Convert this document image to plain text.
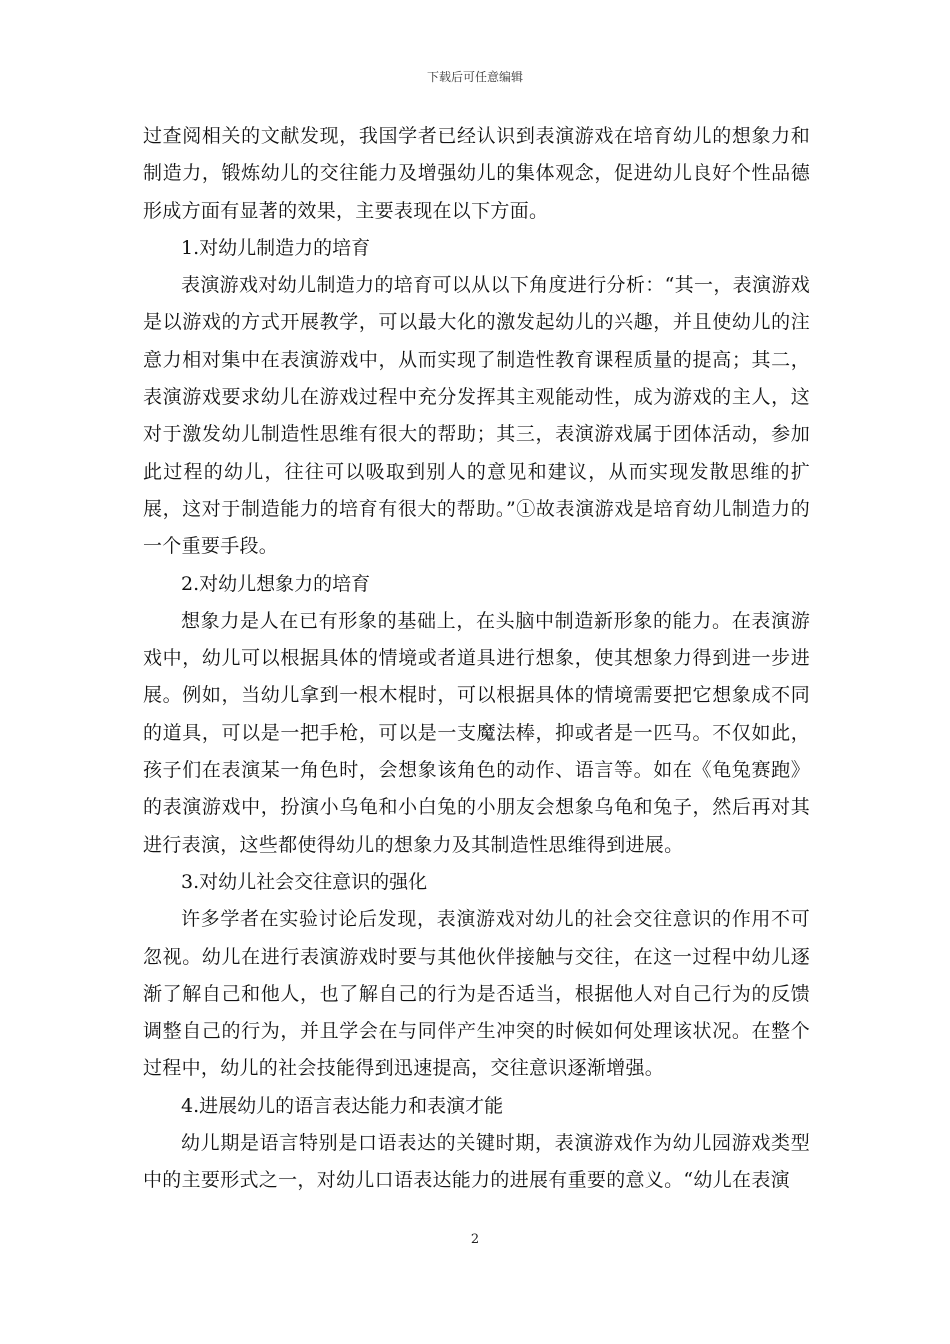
下载后可任意编辑

过查阅相关的文献发现，我国学者已经认识到表演游戏在培育幼儿的想象力和制造力，锻炼幼儿的交往能力及增强幼儿的集体观念，促进幼儿良好个性品德形成方面有显著的效果，主要表现在以下方面。

1.对幼儿制造力的培育

表演游戏对幼儿制造力的培育可以从以下角度进行分析：“其一，表演游戏是以游戏的方式开展教学，可以最大化的激发起幼儿的兴趣，并且使幼儿的注意力相对集中在表演游戏中，从而实现了制造性教育课程质量的提高；其二，表演游戏要求幼儿在游戏过程中充分发挥其主观能动性，成为游戏的主人，这对于激发幼儿制造性思维有很大的帮助；其三，表演游戏属于团体活动，参加此过程的幼儿，往往可以吸取到别人的意见和建议，从而实现发散思维的扩展，这对于制造能力的培育有很大的帮助。”①故表演游戏是培育幼儿制造力的一个重要手段。

2.对幼儿想象力的培育

想象力是人在已有形象的基础上，在头脑中制造新形象的能力。在表演游戏中，幼儿可以根据具体的情境或者道具进行想象，使其想象力得到进一步进展。例如，当幼儿拿到一根木棍时，可以根据具体的情境需要把它想象成不同的道具，可以是一把手枪，可以是一支魔法棒，抑或者是一匹马。不仅如此，孩子们在表演某一角色时，会想象该角色的动作、语言等。如在《龟兔赛跑》的表演游戏中，扮演小乌龟和小白兔的小朋友会想象乌龟和兔子，然后再对其进行表演，这些都使得幼儿的想象力及其制造性思维得到进展。

3.对幼儿社会交往意识的强化

许多学者在实验讨论后发现，表演游戏对幼儿的社会交往意识的作用不可忽视。幼儿在进行表演游戏时要与其他伙伴接触与交往，在这一过程中幼儿逐渐了解自己和他人，也了解自己的行为是否适当，根据他人对自己行为的反馈调整自己的行为，并且学会在与同伴产生冲突的时候如何处理该状况。在整个过程中，幼儿的社会技能得到迅速提高，交往意识逐渐增强。

4.进展幼儿的语言表达能力和表演才能

幼儿期是语言特别是口语表达的关键时期，表演游戏作为幼儿园游戏类型中的主要形式之一，对幼儿口语表达能力的进展有重要的意义。“幼儿在表演

2
